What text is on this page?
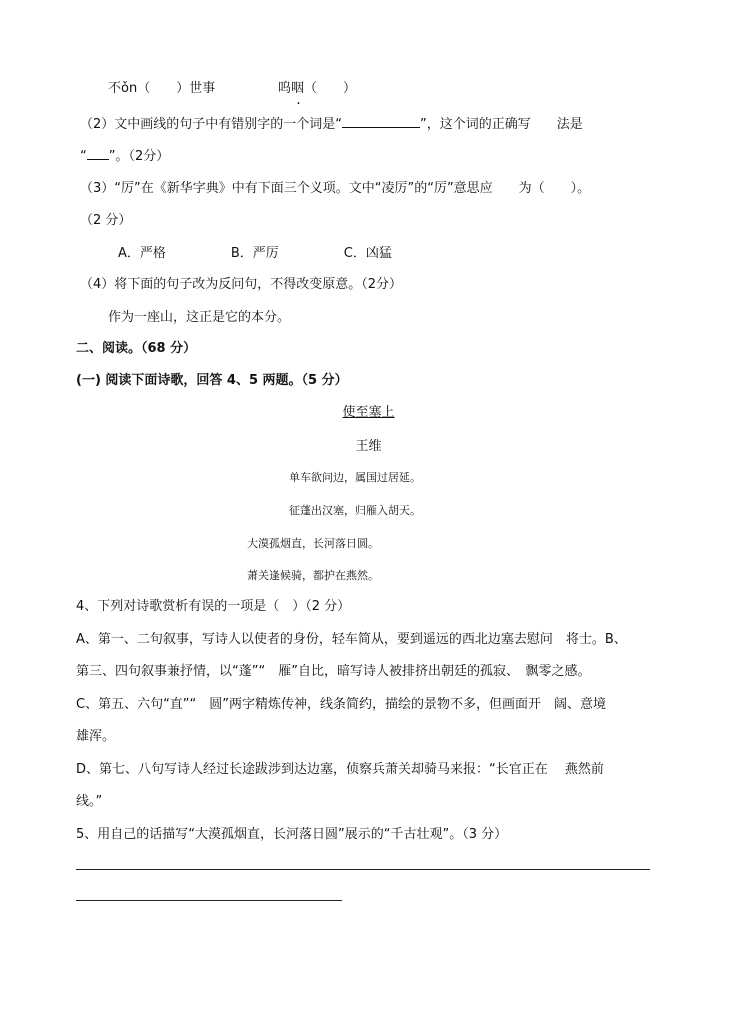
不ǒn（　　）世事	呜咽（　　）
（2）文中画线的句子中有错别字的一个词是“	”，这个词的正确写　　法是
“ ”。（2分）
（3）“厉”在《新华字典》中有下面三个义项。文中“凌厉”的“厉”意思应　　为（　　）。
（2 分）
A．严格　　　　　B．严厉　　　　　C．凶猛
（4）将下面的句子改为反问句，不得改变原意。（2分）
作为一座山，这正是它的本分。
二、阅读。（68 分）
(一) 阅读下面诗歌，回答 4、5 两题。（5 分）
使至塞上
王维
单车欲问边，属国过居延。
征蓬出汉塞，归雁入胡天。
大漠孤烟直，长河落日圆。
萧关逢候骑，都护在燕然。
4、下列对诗歌赏析有误的一项是（　）（2 分）
A、第一、二句叙事，写诗人以使者的身份，轻车简从，要到遥远的西北边塞去慰问　将士。B、
第三、四句叙事兼抒情，以“蓬”“　雁”自比，暗写诗人被排挤出朝廷的孤寂、　飘零之感。
C、第五、六句“直”“　圆”两字精炼传神，线条简约，描绘的景物不多，但画面开　阔、意境
雄浑。
D、第七、八句写诗人经过长途跋涉到达边塞，侦察兵萧关却骑马来报：“长官正在　 燕然前
线。”
5、用自己的话描写“大漠孤烟直，长河落日圆”展示的“千古壮观”。（3 分）
